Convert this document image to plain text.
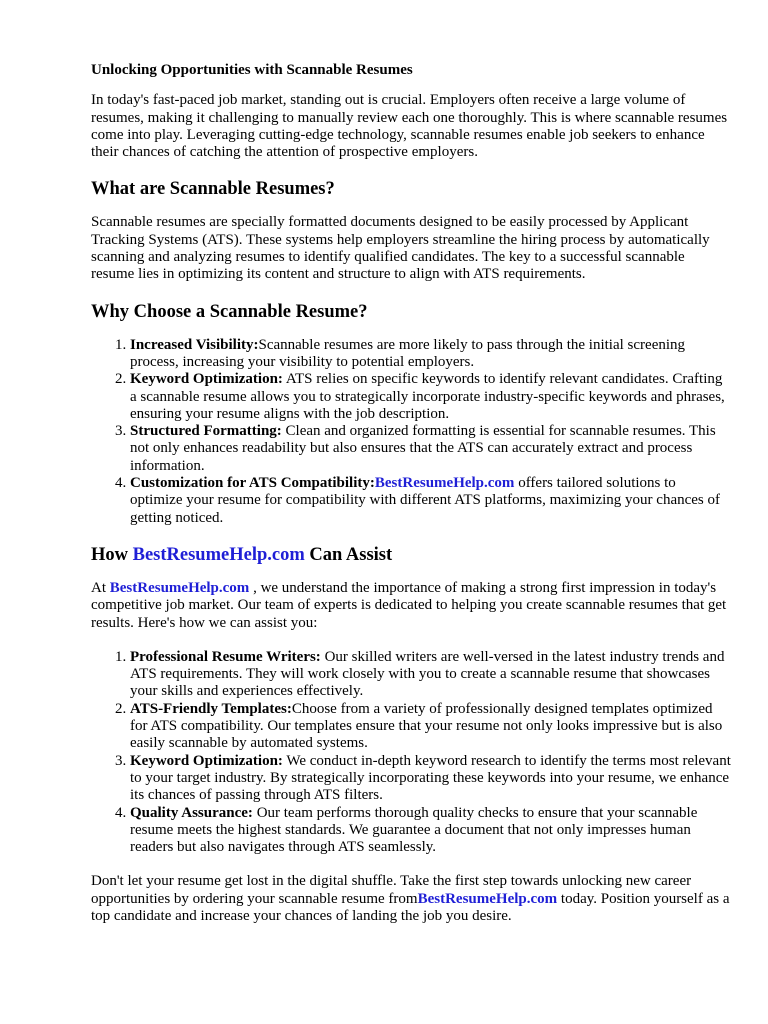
Unlocking Opportunities with Scannable Resumes

In today's fast-paced job market, standing out is crucial. Employers often receive a large volume of resumes, making it challenging to manually review each one thoroughly. This is where scannable resumes come into play. Leveraging cutting-edge technology, scannable resumes enable job seekers to enhance their chances of catching the attention of prospective employers.

What are Scannable Resumes?

Scannable resumes are specially formatted documents designed to be easily processed by Applicant Tracking Systems (ATS). These systems help employers streamline the hiring process by automatically scanning and analyzing resumes to identify qualified candidates. The key to a successful scannable resume lies in optimizing its content and structure to align with ATS requirements.

Why Choose a Scannable Resume?
1. Increased Visibility:Scannable resumes are more likely to pass through the initial screening process, increasing your visibility to potential employers.
2. Keyword Optimization: ATS relies on specific keywords to identify relevant candidates. Crafting a scannable resume allows you to strategically incorporate industry-specific keywords and phrases, ensuring your resume aligns with the job description.
3. Structured Formatting: Clean and organized formatting is essential for scannable resumes. This not only enhances readability but also ensures that the ATS can accurately extract and process information.
4. Customization for ATS Compatibility:BestResumeHelp.com offers tailored solutions to optimize your resume for compatibility with different ATS platforms, maximizing your chances of getting noticed.
How BestResumeHelp.com Can Assist

At BestResumeHelp.com , we understand the importance of making a strong first impression in today's competitive job market. Our team of experts is dedicated to helping you create scannable resumes that get results. Here's how we can assist you:

1. Professional Resume Writers: Our skilled writers are well-versed in the latest industry trends and ATS requirements. They will work closely with you to create a scannable resume that showcases your skills and experiences effectively.
2. ATS-Friendly Templates:Choose from a variety of professionally designed templates optimized for ATS compatibility. Our templates ensure that your resume not only looks impressive but is also easily scannable by automated systems.
3. Keyword Optimization: We conduct in-depth keyword research to identify the terms most relevant to your target industry. By strategically incorporating these keywords into your resume, we enhance its chances of passing through ATS filters.
4. Quality Assurance: Our team performs thorough quality checks to ensure that your scannable resume meets the highest standards. We guarantee a document that not only impresses human readers but also navigates through ATS seamlessly.

Don't let your resume get lost in the digital shuffle. Take the first step towards unlocking new career opportunities by ordering your scannable resume fromBestResumeHelp.com today. Position yourself as a top candidate and increase your chances of landing the job you desire.
